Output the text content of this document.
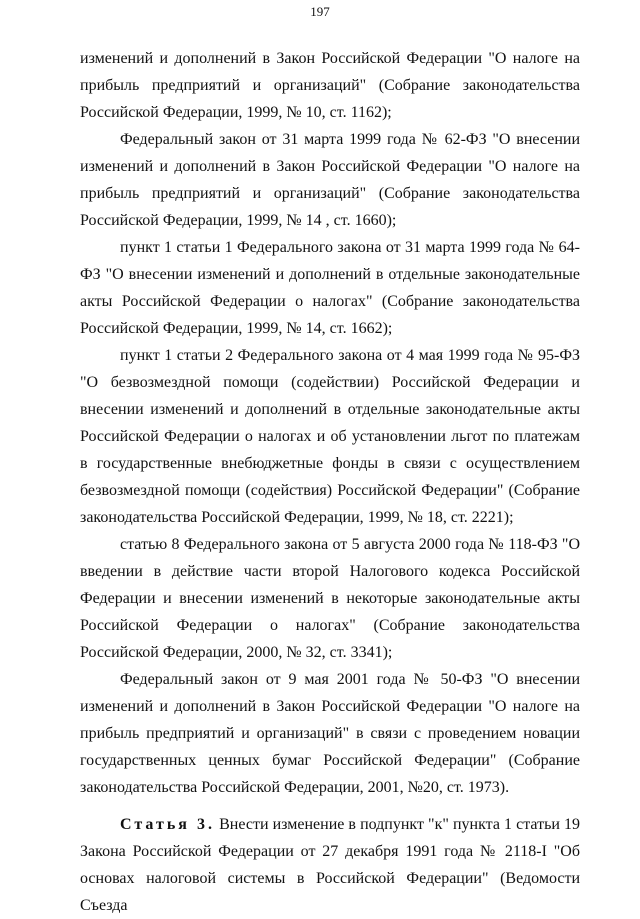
197

изменений и дополнений в Закон Российской Федерации "О налоге на прибыль предприятий и организаций" (Собрание законодательства Российской Федерации, 1999, № 10, ст. 1162);

Федеральный закон от 31 марта 1999 года № 62-ФЗ "О внесении изменений и дополнений в Закон Российской Федерации "О налоге на прибыль предприятий и организаций" (Собрание законодательства Российской Федерации, 1999, № 14 , ст. 1660);

пункт 1 статьи 1 Федерального закона от 31 марта 1999 года № 64-ФЗ "О внесении изменений и дополнений в отдельные законодательные акты Российской Федерации о налогах" (Собрание законодательства Российской Федерации, 1999, № 14, ст. 1662);

пункт 1 статьи 2 Федерального закона от 4 мая 1999 года № 95-ФЗ "О безвозмездной помощи (содействии) Российской Федерации и внесении изменений и дополнений в отдельные законодательные акты Российской Федерации о налогах и об установлении льгот по платежам в государственные внебюджетные фонды в связи с осуществлением безвозмездной помощи (содействия) Российской Федерации" (Собрание законодательства Российской Федерации, 1999, № 18, ст. 2221);

статью 8 Федерального закона от 5 августа 2000 года № 118-ФЗ "О введении в действие части второй Налогового кодекса Российской Федерации и внесении изменений в некоторые законодательные акты Российской Федерации о налогах" (Собрание законодательства Российской Федерации, 2000, № 32, ст. 3341);

Федеральный закон от 9 мая 2001 года № 50-ФЗ "О внесении изменений и дополнений в Закон Российской Федерации "О налоге на прибыль предприятий и организаций" в связи с проведением новации государственных ценных бумаг Российской Федерации" (Собрание законодательства Российской Федерации, 2001, №20, ст. 1973).

Статья 3. Внести изменение в подпункт "к" пункта 1 статьи 19 Закона Российской Федерации от 27 декабря 1991 года № 2118-I "Об основах налоговой системы в Российской Федерации" (Ведомости Съезда
